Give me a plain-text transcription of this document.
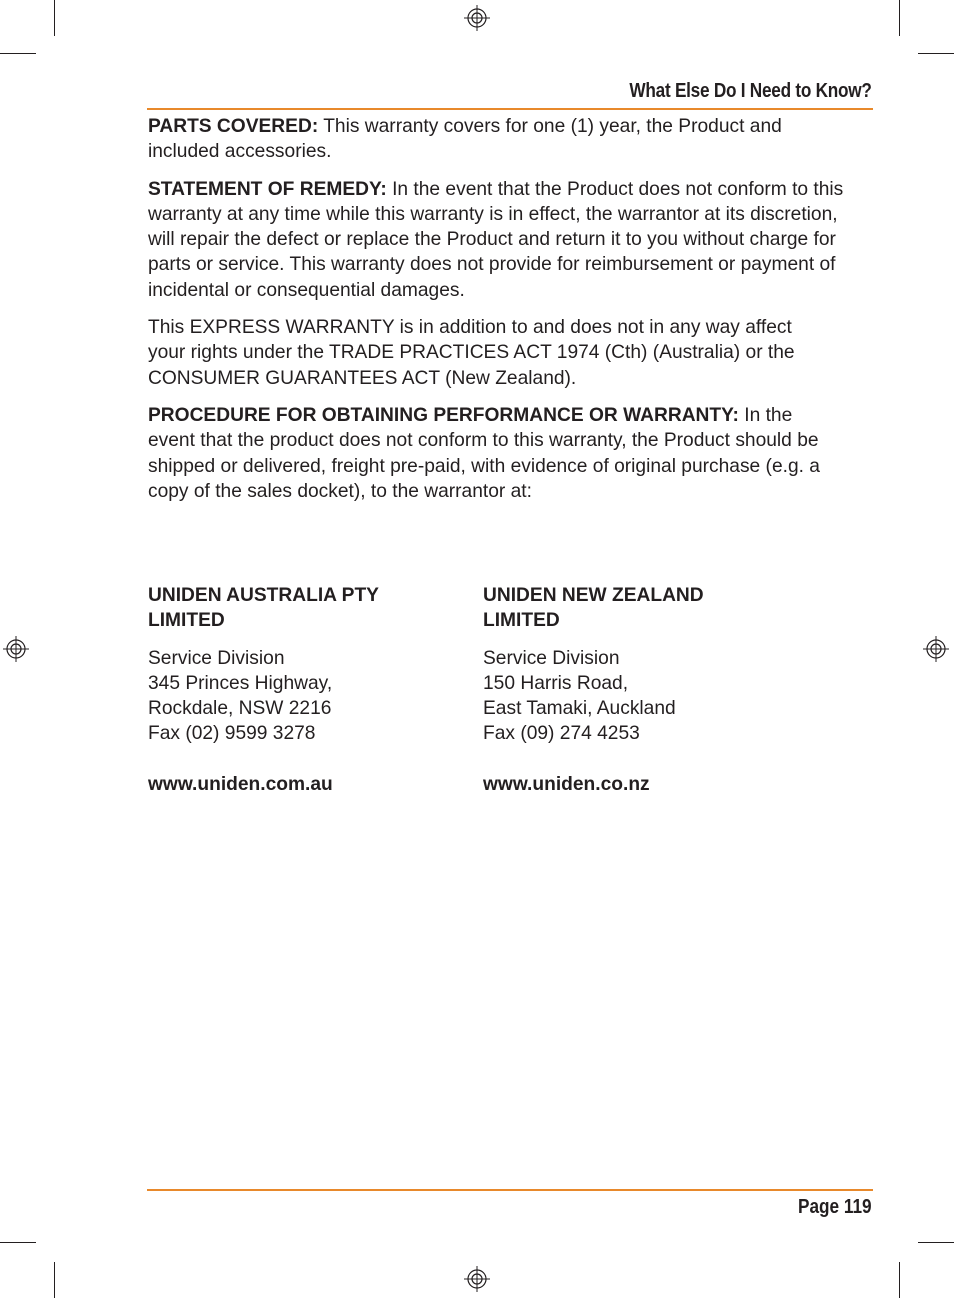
What Else Do I Need to Know?

PARTS COVERED: This warranty covers for one (1) year, the Product and included accessories.

STATEMENT OF REMEDY: In the event that the Product does not conform to this warranty at any time while this warranty is in effect, the warrantor at its discretion, will repair the defect or replace the Product and return it to you without charge for parts or service. This warranty does not provide for reimbursement or payment of incidental or consequential damages.

This EXPRESS WARRANTY is in addition to and does not in any way affect your rights under the TRADE PRACTICES ACT 1974 (Cth) (Australia) or the CONSUMER GUARANTEES ACT (New Zealand).

PROCEDURE FOR OBTAINING PERFORMANCE OR WARRANTY: In the event that the product does not conform to this warranty, the Product should be shipped or delivered, freight pre-paid, with evidence of original purchase (e.g. a copy of the sales docket), to the warrantor at:

UNIDEN AUSTRALIA PTY
LIMITED
Service Division
345 Princes Highway,
Rockdale, NSW 2216
Fax (02) 9599 3278
www.uniden.com.au
UNIDEN NEW ZEALAND
LIMITED
Service Division
150 Harris Road,
East Tamaki, Auckland
Fax (09) 274 4253
www.uniden.co.nz
Page 119
